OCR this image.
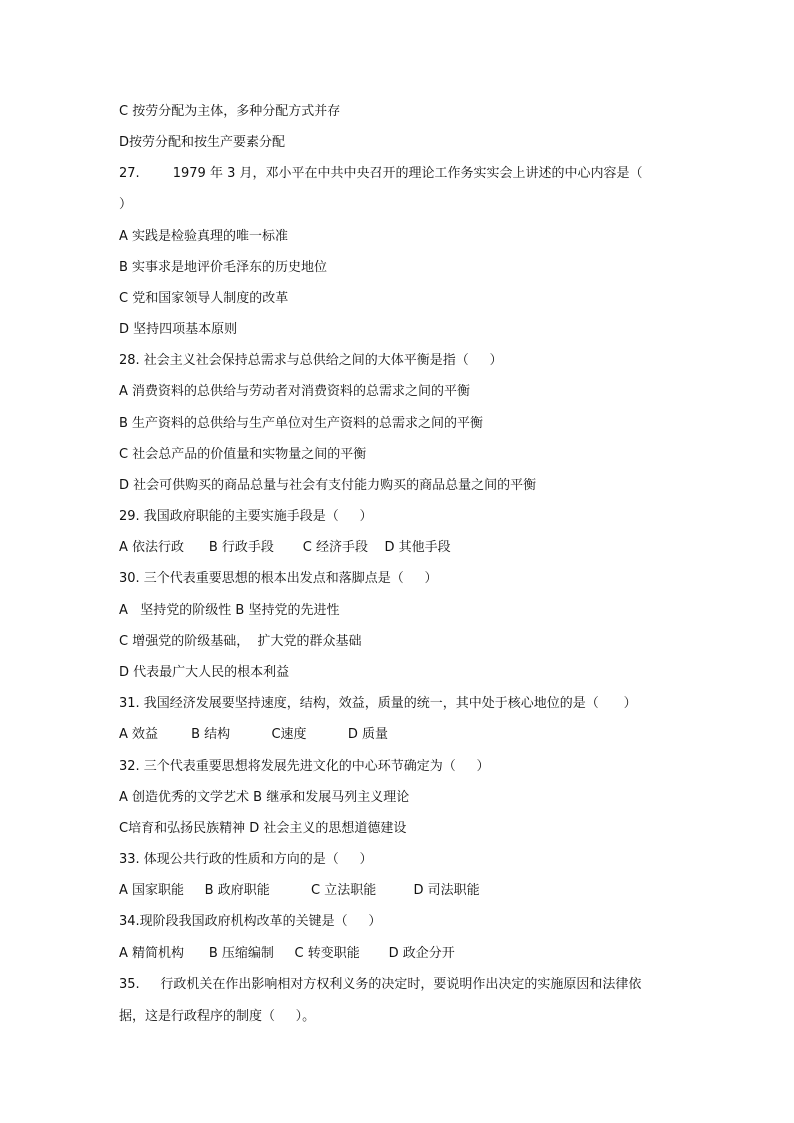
C 按劳分配为主体，多种分配方式并存
D按劳分配和按生产要素分配
27.        1979 年 3 月，邓小平在中共中央召开的理论工作务实实会上讲述的中心内容是（
）
A 实践是检验真理的唯一标准
B 实事求是地评价毛泽东的历史地位
C 党和国家领导人制度的改革
D 坚持四项基本原则
28. 社会主义社会保持总需求与总供给之间的大体平衡是指（     ）
A 消费资料的总供给与劳动者对消费资料的总需求之间的平衡
B 生产资料的总供给与生产单位对生产资料的总需求之间的平衡
C 社会总产品的价值量和实物量之间的平衡
D 社会可供购买的商品总量与社会有支付能力购买的商品总量之间的平衡
29. 我国政府职能的主要实施手段是（     ）
A 依法行政      B 行政手段       C 经济手段    D 其他手段
30. 三个代表重要思想的根本出发点和落脚点是（     ）
A   坚持党的阶级性 B 坚持党的先进性
C 增强党的阶级基础，  扩大党的群众基础
D 代表最广大人民的根本利益
31. 我国经济发展要坚持速度，结构，效益，质量的统一，其中处于核心地位的是（      ）
A 效益        B 结构          C速度          D 质量
32. 三个代表重要思想将发展先进文化的中心环节确定为（     ）
A 创造优秀的文学艺术 B 继承和发展马列主义理论
C培育和弘扬民族精神 D 社会主义的思想道德建设
33. 体现公共行政的性质和方向的是（     ）
A 国家职能     B 政府职能          C 立法职能         D 司法职能
34.现阶段我国政府机构改革的关键是（     ）
A 精简机构      B 压缩编制     C 转变职能       D 政企分开
35.     行政机关在作出影响相对方权利义务的决定时，要说明作出决定的实施原因和法律依
据，这是行政程序的制度（     ）。
